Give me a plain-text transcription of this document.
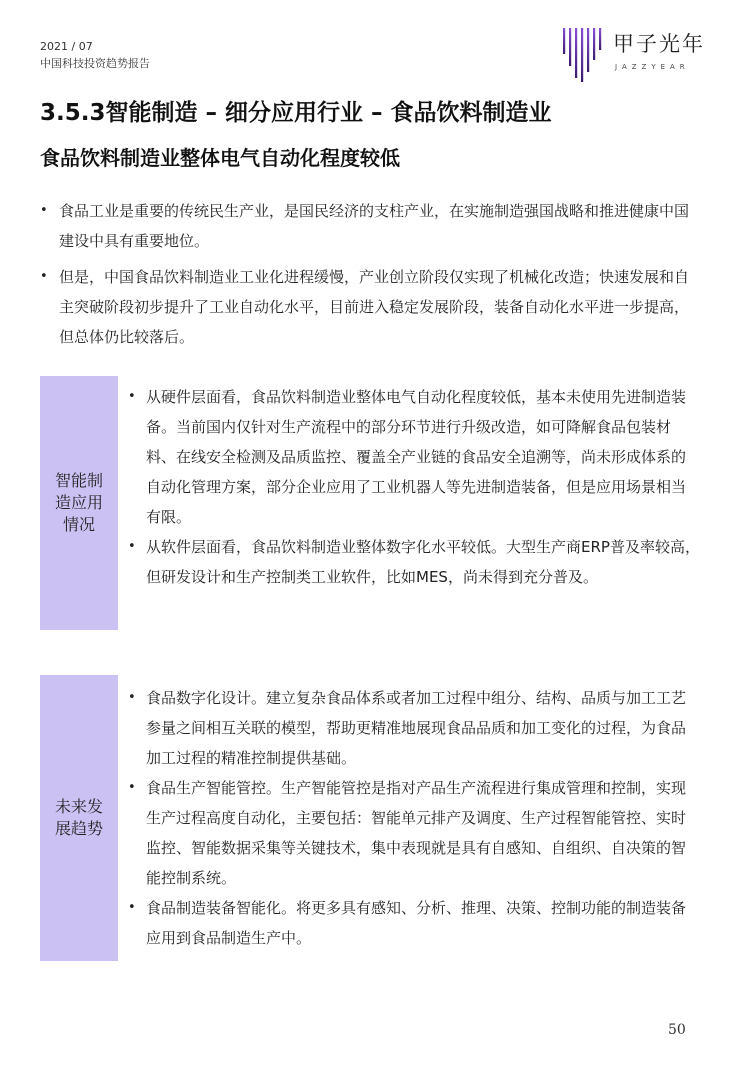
2021 / 07
中国科技投资趋势报告
甲子光年
JAZZYEAR
3.5.3智能制造 – 细分应用行业 – 食品饮料制造业
食品饮料制造业整体电气自动化程度较低
• 食品工业是重要的传统民生产业，是国民经济的支柱产业，在实施制造强国战略和推进健康中国建设中具有重要地位。
• 但是，中国食品饮料制造业工业化进程缓慢，产业创立阶段仅实现了机械化改造；快速发展和自主突破阶段初步提升了工业自动化水平，目前进入稳定发展阶段，装备自动化水平进一步提高，但总体仍比较落后。
智能制造应用情况
• 从硬件层面看，食品饮料制造业整体电气自动化程度较低，基本未使用先进制造装备。当前国内仅针对生产流程中的部分环节进行升级改造，如可降解食品包装材料、在线安全检测及品质监控、覆盖全产业链的食品安全追溯等，尚未形成体系的自动化管理方案，部分企业应用了工业机器人等先进制造装备，但是应用场景相当有限。
• 从软件层面看，食品饮料制造业整体数字化水平较低。大型生产商ERP普及率较高，但研发设计和生产控制类工业软件，比如MES，尚未得到充分普及。
未来发展趋势
• 食品数字化设计。建立复杂食品体系或者加工过程中组分、结构、品质与加工工艺参量之间相互关联的模型，帮助更精准地展现食品品质和加工变化的过程，为食品加工过程的精准控制提供基础。
• 食品生产智能管控。生产智能管控是指对产品生产流程进行集成管理和控制，实现生产过程高度自动化，主要包括：智能单元排产及调度、生产过程智能管控、实时监控、智能数据采集等关键技术，集中表现就是具有自感知、自组织、自决策的智能控制系统。
• 食品制造装备智能化。将更多具有感知、分析、推理、决策、控制功能的制造装备应用到食品制造生产中。
50
